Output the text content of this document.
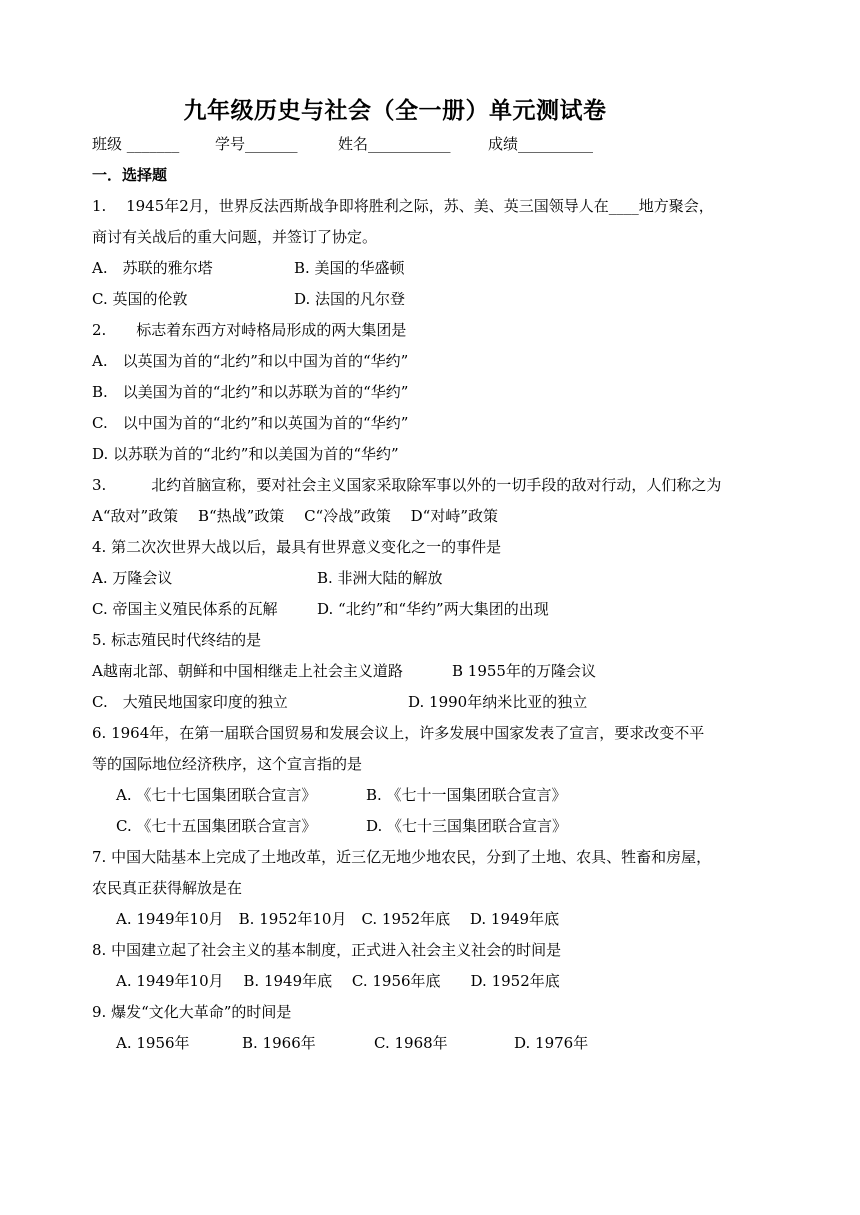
九年级历史与社会（全一册）单元测试卷
班级 _______ 学号_______	姓名___________ 成绩__________
一．选择题
1.　 1945年2月，世界反法西斯战争即将胜利之际，苏、美、英三国领导人在____地方聚会，
商讨有关战后的重大问题，并签订了协定。
A.　苏联的雅尔塔	B. 美国的华盛顿
C. 英国的伦敦	D. 法国的凡尔登
2.　　标志着东西方对峙格局形成的两大集团是
A.　以英国为首的“北约”和以中国为首的“华约”
B.　以美国为首的“北约”和以苏联为首的“华约”
C.　以中国为首的“北约”和以英国为首的“华约”
D. 以苏联为首的“北约”和以美国为首的“华约”
3.　　　北约首脑宣称，要对社会主义国家采取除军事以外的一切手段的敌对行动，人们称之为
A“敌对”政策　 B“热战”政策　 C“冷战”政策　 D“对峙”政策
4. 第二次次世界大战以后，最具有世界意义变化之一的事件是
A. 万隆会议	B. 非洲大陆的解放
C. 帝国主义殖民体系的瓦解	D. “北约”和“华约”两大集团的出现
5. 标志殖民时代终结的是
A越南北部、朝鲜和中国相继走上社会主义道路	B 1955年的万隆会议
C.　大殖民地国家印度的独立	D. 1990年纳米比亚的独立
6. 1964年，在第一届联合国贸易和发展会议上，许多发展中国家发表了宣言，要求改变不平
等的国际地位经济秩序，这个宣言指的是
A. 《七十七国集团联合宣言》	B. 《七十一国集团联合宣言》
C. 《七十五国集团联合宣言》	D. 《七十三国集团联合宣言》
7. 中国大陆基本上完成了土地改革，近三亿无地少地农民，分到了土地、农具、牲畜和房屋，
农民真正获得解放是在
A. 1949年10月　B. 1952年10月　C. 1952年底　 D. 1949年底
8. 中国建立起了社会主义的基本制度，正式进入社会主义社会的时间是
A. 1949年10月　 B. 1949年底　 C. 1956年底　　D. 1952年底
9. 爆发“文化大革命”的时间是
A. 1956年	B. 1966年	C. 1968年	D. 1976年
